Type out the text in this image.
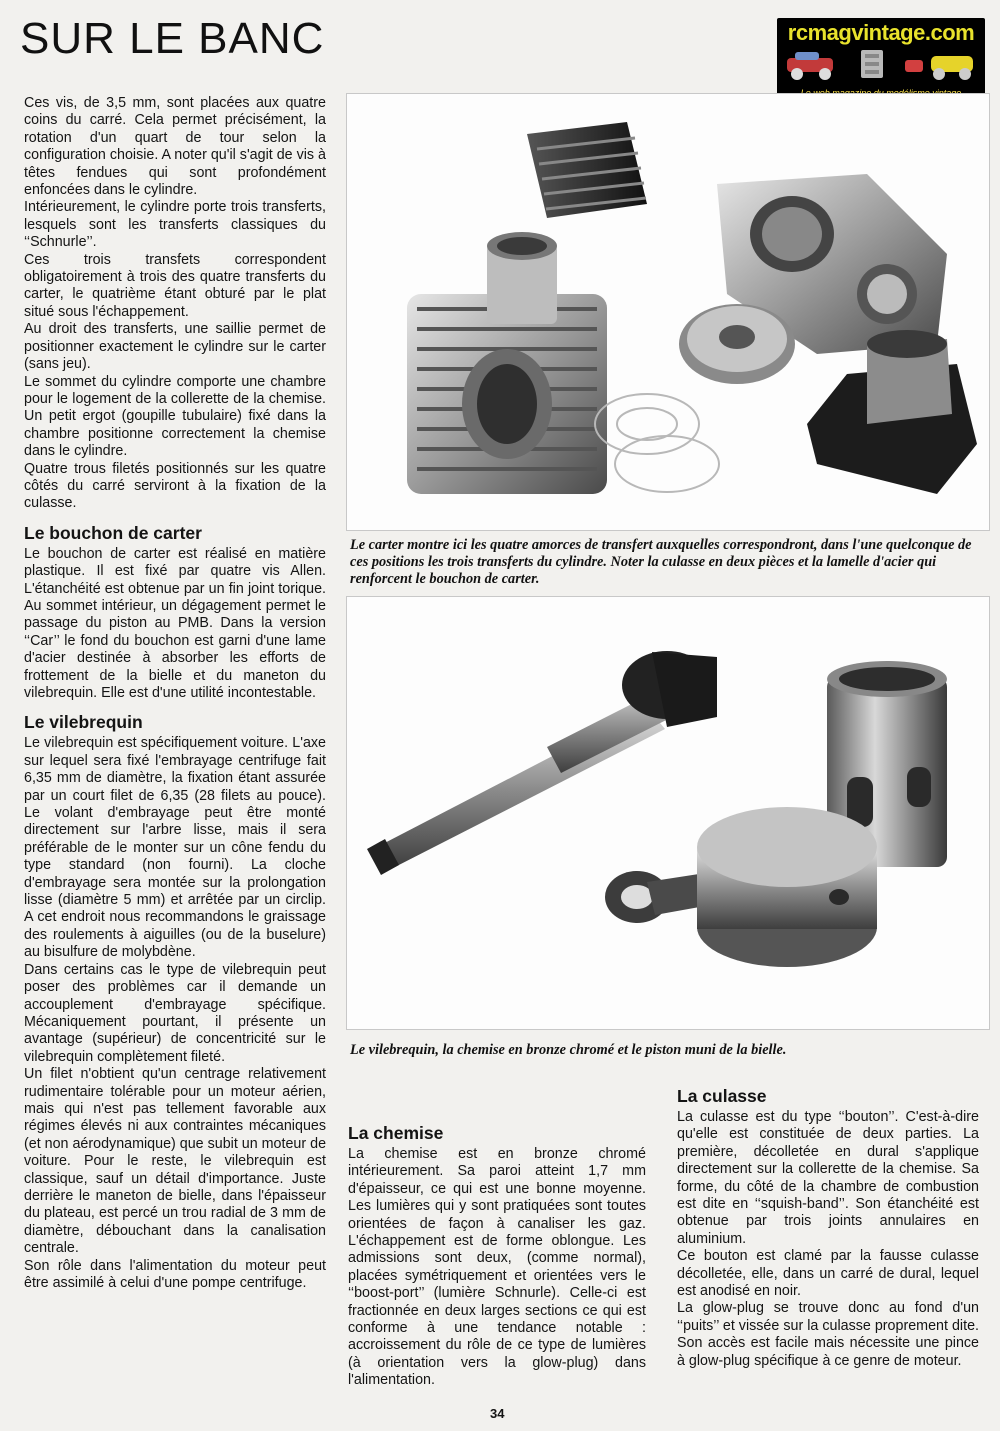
SUR LE BANC	rcmagvintage.com

Ces vis, de 3,5 mm, sont placées aux quatre coins du carré. Cela permet précisément, la rotation d'un quart de tour selon la configuration choisie. A noter qu'il s'agit de vis à têtes fendues qui sont profondément enfoncées dans le cylindre.

Intérieurement, le cylindre porte trois transferts, lesquels sont les transferts classiques du ‘‘Schnurle’’.

Ces trois transfets correspondent obligatoirement à trois des quatre transferts du carter, le quatrième étant obturé par le plat situé sous l'échappement.

Au droit des transferts, une saillie permet de positionner exactement le cylindre sur le carter (sans jeu).

Le sommet du cylindre comporte une chambre pour le logement de la collerette de la chemise. Un petit ergot (goupille tubulaire) fixé dans la chambre positionne correctement la chemise dans le cylindre.

Quatre trous filetés positionnés sur les quatre côtés du carré serviront à la fixation de la culasse.

Le bouchon de carter

Le bouchon de carter est réalisé en matière plastique. Il est fixé par quatre vis Allen. L'étanchéité est obtenue par un fin joint torique. Au sommet intérieur, un dégagement permet le passage du piston au PMB. Dans la version ‘‘Car’’ le fond du bouchon est garni d'une lame d'acier destinée à absorber les efforts de frottement de la bielle et du maneton du vilebrequin. Elle est d'une utilité incontestable.

Le vilebrequin

Le vilebrequin est spécifiquement voiture. L'axe sur lequel sera fixé l'embrayage centrifuge fait 6,35 mm de diamètre, la fixation étant assurée par un court filet de 6,35 (28 filets au pouce). Le volant d'embrayage peut être monté directement sur l'arbre lisse, mais il sera préférable de le monter sur un cône fendu du type standard (non fourni). La cloche d'embrayage sera montée sur la prolongation lisse (diamètre 5 mm) et arrêtée par un circlip. A cet endroit nous recommandons le graissage des roulements à aiguilles (ou de la buselure) au bisulfure de molybdène.

Dans certains cas le type de vilebrequin peut poser des problèmes car il demande un accouplement d'embrayage spécifique. Mécaniquement pourtant, il présente un avantage (supérieur) de concentricité sur le vilebrequin complètement fileté.

Un filet n'obtient qu'un centrage relativement rudimentaire tolérable pour un moteur aérien, mais qui n'est pas tellement favorable aux régimes élevés ni aux contraintes mécaniques (et non aérodynamique) que subit un moteur de voiture. Pour le reste, le vilebrequin est classique, sauf un détail d'importance. Juste derrière le maneton de bielle, dans l'épaisseur du plateau, est percé un trou radial de 3 mm de diamètre, débouchant dans la canalisation centrale.

Son rôle dans l'alimentation du moteur peut être assimilé à celui d'une pompe centrifuge.

Le carter montre ici les quatre amorces de transfert auxquelles correspondront, dans l'une quelconque de ces positions les trois transferts du cylindre. Noter la culasse en deux pièces et la lamelle d'acier qui renforcent le bouchon de carter.
Le vilebrequin, la chemise en bronze chromé et le piston muni de la bielle.
La chemise

La chemise est en bronze chromé intérieurement. Sa paroi atteint 1,7 mm d'épaisseur, ce qui est une bonne moyenne. Les lumières qui y sont pratiquées sont toutes orientées de façon à canaliser les gaz. L'échappement est de forme oblongue. Les admissions sont deux, (comme normal), placées symétriquement et orientées vers le ‘‘boost-port’’ (lumière Schnurle). Celle-ci est fractionnée en deux larges sections ce qui est conforme à une tendance notable : accroissement du rôle de ce type de lumières (à orientation vers la glow-plug) dans l'alimentation.

La culasse

La culasse est du type ‘‘bouton’’. C'est-à-dire qu'elle est constituée de deux parties. La première, décolletée en dural s'applique directement sur la collerette de la chemise. Sa forme, du côté de la chambre de combustion est dite en ‘‘squish-band’’. Son étanchéité est obtenue par trois joints annulaires en aluminium.

Ce bouton est clamé par la fausse culasse décolletée, elle, dans un carré de dural, lequel est anodisé en noir.

La glow-plug se trouve donc au fond d'un ‘‘puits’’ et vissée sur la culasse proprement dite. Son accès est facile mais nécessite une pince à glow-plug spécifique à ce genre de moteur.

34
